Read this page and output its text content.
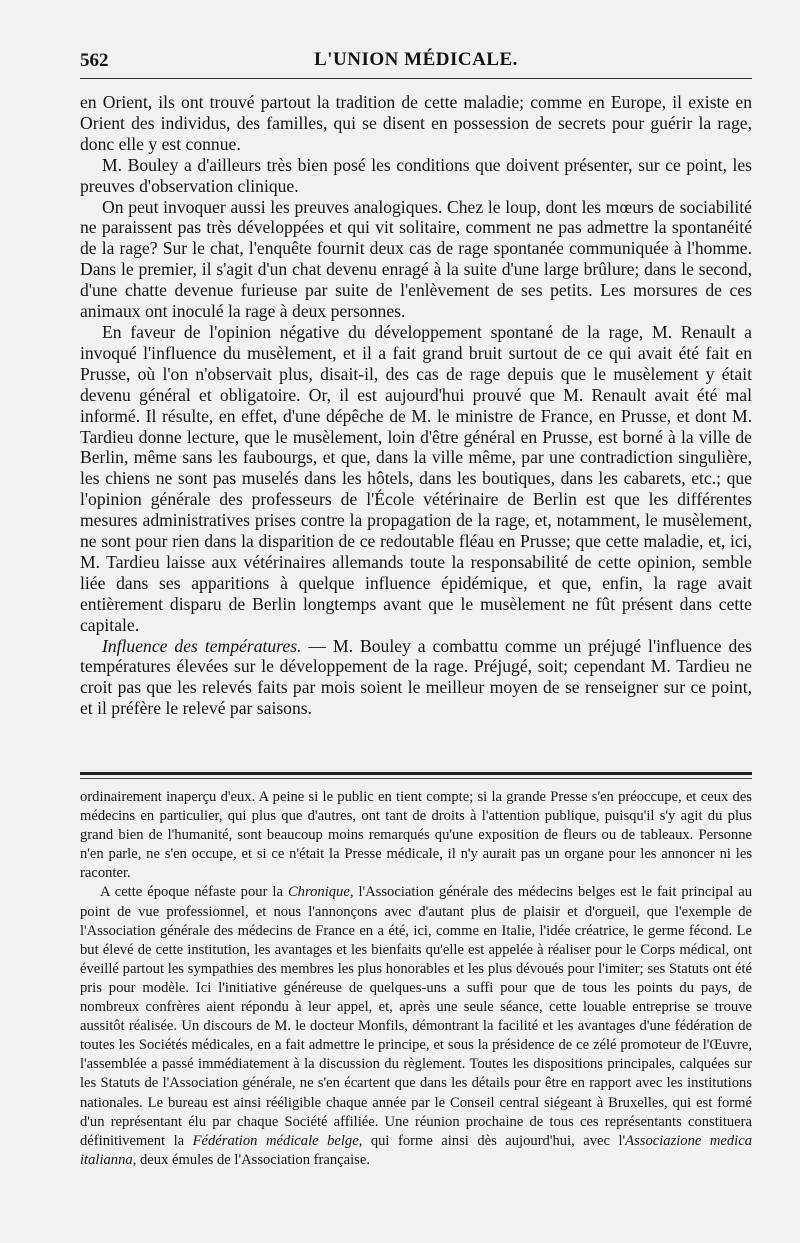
562	L'UNION MÉDICALE.

en Orient, ils ont trouvé partout la tradition de cette maladie; comme en Europe, il existe en Orient des individus, des familles, qui se disent en possession de secrets pour guérir la rage, donc elle y est connue.

M. Bouley a d'ailleurs très bien posé les conditions que doivent présenter, sur ce point, les preuves d'observation clinique.

On peut invoquer aussi les preuves analogiques. Chez le loup, dont les mœurs de sociabilité ne paraissent pas très développées et qui vit solitaire, comment ne pas admettre la spontanéité de la rage? Sur le chat, l'enquête fournit deux cas de rage spontanée communiquée à l'homme. Dans le premier, il s'agit d'un chat devenu enragé à la suite d'une large brûlure; dans le second, d'une chatte devenue furieuse par suite de l'enlèvement de ses petits. Les morsures de ces animaux ont inoculé la rage à deux personnes.

En faveur de l'opinion négative du développement spontané de la rage, M. Renault a invoqué l'influence du musèlement, et il a fait grand bruit surtout de ce qui avait été fait en Prusse, où l'on n'observait plus, disait-il, des cas de rage depuis que le musèlement y était devenu général et obligatoire. Or, il est aujourd'hui prouvé que M. Renault avait été mal informé. Il résulte, en effet, d'une dépêche de M. le ministre de France, en Prusse, et dont M. Tardieu donne lecture, que le musèlement, loin d'être général en Prusse, est borné à la ville de Berlin, même sans les faubourgs, et que, dans la ville même, par une contradiction singulière, les chiens ne sont pas muselés dans les hôtels, dans les boutiques, dans les cabarets, etc.; que l'opinion générale des professeurs de l'École vétérinaire de Berlin est que les différentes mesures administratives prises contre la propagation de la rage, et, notamment, le musèlement, ne sont pour rien dans la disparition de ce redoutable fléau en Prusse; que cette maladie, et, ici, M. Tardieu laisse aux vétérinaires allemands toute la responsabilité de cette opinion, semble liée dans ses apparitions à quelque influence épidémique, et que, enfin, la rage avait entièrement disparu de Berlin longtemps avant que le musèlement ne fût présent dans cette capitale.

Influence des températures. — M. Bouley a combattu comme un préjugé l'influence des températures élevées sur le développement de la rage. Préjugé, soit; cependant M. Tardieu ne croit pas que les relevés faits par mois soient le meilleur moyen de se renseigner sur ce point, et il préfère le relevé par saisons.

ordinairement inaperçu d'eux. A peine si le public en tient compte; si la grande Presse s'en préoccupe, et ceux des médecins en particulier, qui plus que d'autres, ont tant de droits à l'attention publique, puisqu'il s'y agit du plus grand bien de l'humanité, sont beaucoup moins remarqués qu'une exposition de fleurs ou de tableaux. Personne n'en parle, ne s'en occupe, et si ce n'était la Presse médicale, il n'y aurait pas un organe pour les annoncer ni les raconter.

A cette époque néfaste pour la Chronique, l'Association générale des médecins belges est le fait principal au point de vue professionnel, et nous l'annonçons avec d'autant plus de plaisir et d'orgueil, que l'exemple de l'Association générale des médecins de France en a été, ici, comme en Italie, l'idée créatrice, le germe fécond. Le but élevé de cette institution, les avantages et les bienfaits qu'elle est appelée à réaliser pour le Corps médical, ont éveillé partout les sympathies des membres les plus honorables et les plus dévoués pour l'imiter; ses Statuts ont été pris pour modèle. Ici l'initiative généreuse de quelques-uns a suffi pour que de tous les points du pays, de nombreux confrères aient répondu à leur appel, et, après une seule séance, cette louable entreprise se trouve aussitôt réalisée. Un discours de M. le docteur Monfils, démontrant la facilité et les avantages d'une fédération de toutes les Sociétés médicales, en a fait admettre le principe, et sous la présidence de ce zélé promoteur de l'Œuvre, l'assemblée a passé immédiatement à la discussion du règlement. Toutes les dispositions principales, calquées sur les Statuts de l'Association générale, ne s'en écartent que dans les détails pour être en rapport avec les institutions nationales. Le bureau est ainsi rééligible chaque année par le Conseil central siégeant à Bruxelles, qui est formé d'un représentant élu par chaque Société affiliée. Une réunion prochaine de tous ces représentants constituera définitivement la Fédération médicale belge, qui forme ainsi dès aujourd'hui, avec l'Associazione medica italianna, deux émules de l'Association française.
